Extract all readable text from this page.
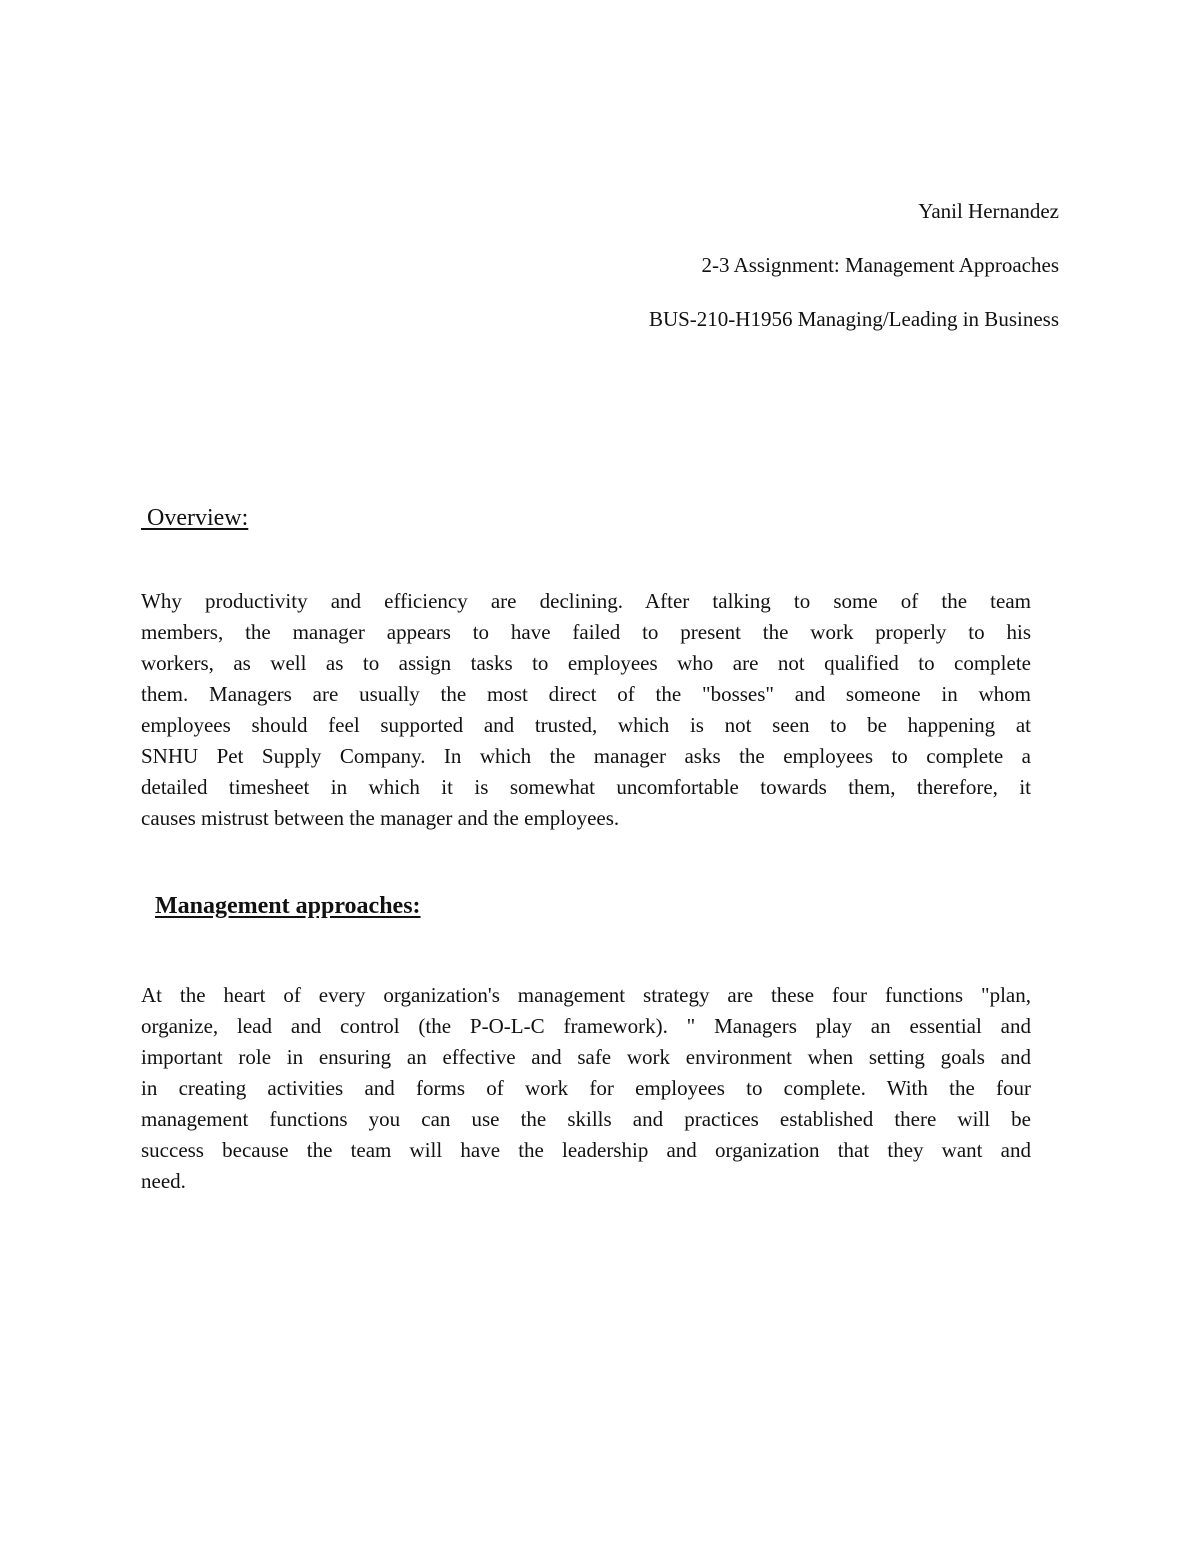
Yanil Hernandez
2-3 Assignment: Management Approaches
BUS-210-H1956 Managing/Leading in Business
Overview:

Why productivity and efficiency are declining. After talking to some of the team
members, the manager appears to have failed to present the work properly to his
workers, as well as to assign tasks to employees who are not qualified to complete
them. Managers are usually the most direct of the "bosses" and someone in whom
employees should feel supported and trusted, which is not seen to be happening at
SNHU Pet Supply Company. In which the manager asks the employees to complete a
detailed timesheet in which it is somewhat uncomfortable towards them, therefore, it
causes mistrust between the manager and the employees.

Management approaches:

At the heart of every organization's management strategy are these four functions "plan,
organize, lead and control (the P-O-L-C framework). " Managers play an essential and
important role in ensuring an effective and safe work environment when setting goals and
in creating activities and forms of work for employees to complete. With the four
management functions you can use the skills and practices established there will be
success because the team will have the leadership and organization that they want and
need.
